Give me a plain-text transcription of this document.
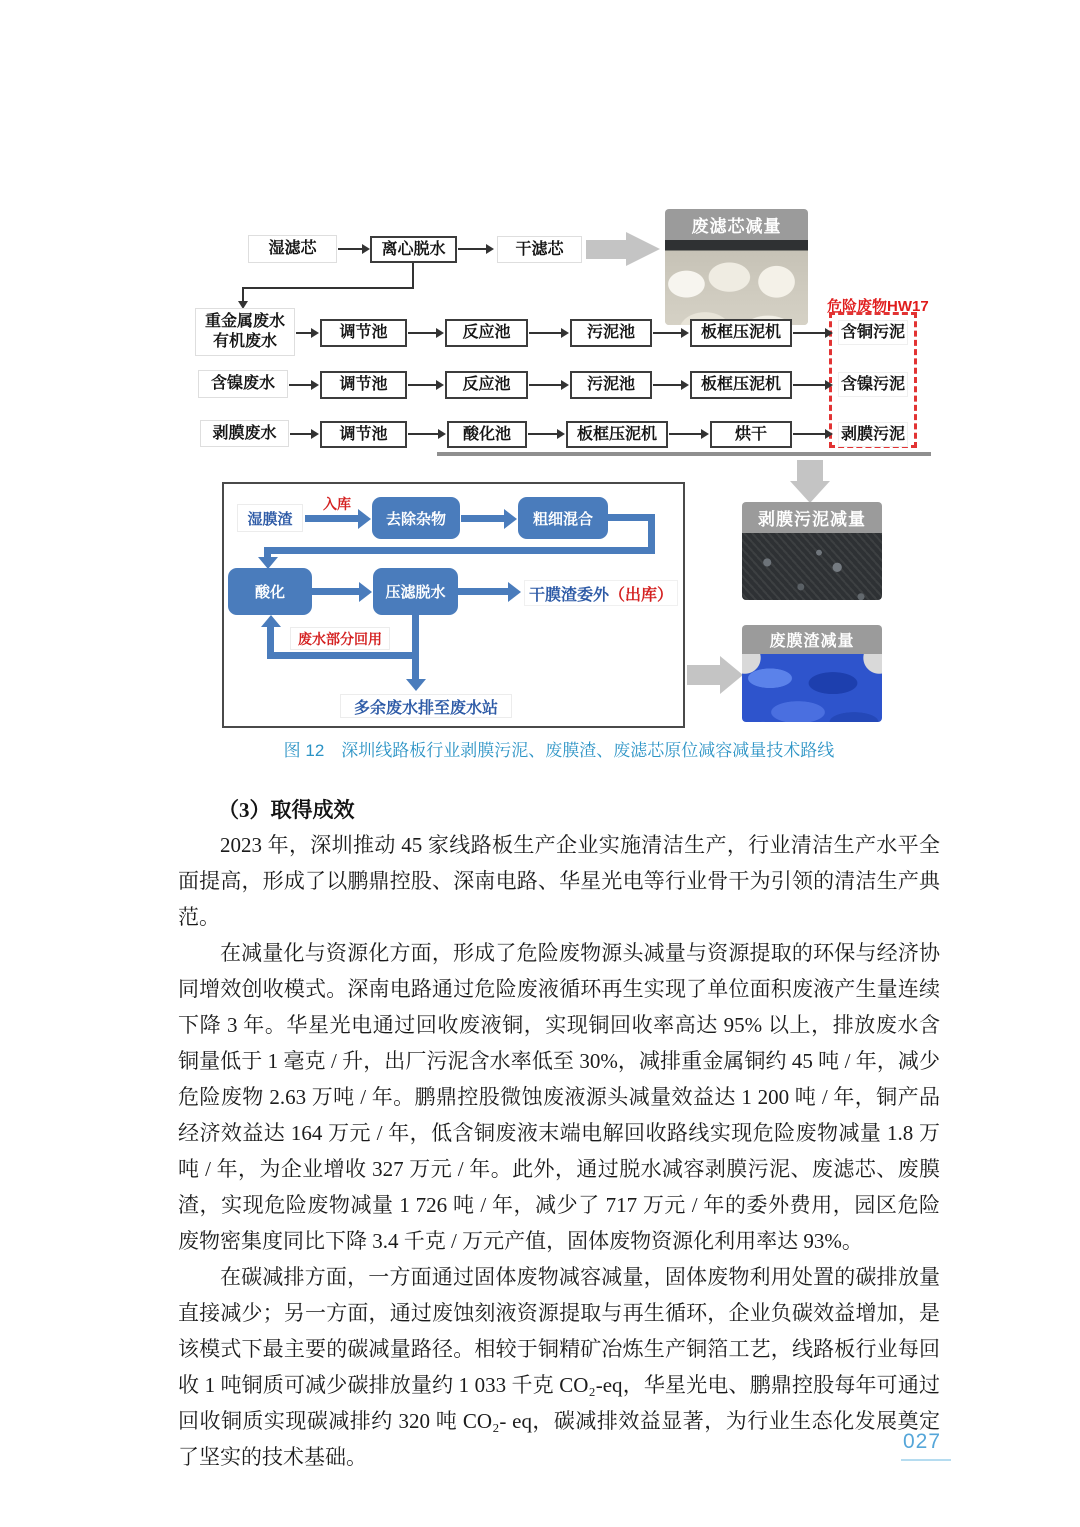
湿滤芯	离心脱水	干滤芯
废滤芯减量
危险废物HW17
重金属废水
有机废水
调节池	反应池	污泥池	板框压泥机	含铜污泥
含镍废水	调节池	反应池	污泥池	板框压泥机	含镍污泥
剥膜废水	调节池	酸化池	板框压泥机	烘干	剥膜污泥
湿膜渣
入库
去除杂物	粗细混合
酸化	压滤脱水	干膜渣委外 （出库）
废水部分回用
多余废水排至废水站
剥膜污泥减量
废膜渣减量
图 12　深圳线路板行业剥膜污泥、废膜渣、废滤芯原位减容减量技术路线
（3）取得成效

2023 年，深圳推动 45 家线路板生产企业实施清洁生产，行业清洁生产水平全面提高，形成了以鹏鼎控股、深南电路、华星光电等行业骨干为引领的清洁生产典范。

在减量化与资源化方面，形成了危险废物源头减量与资源提取的环保与经济协同增效创收模式。深南电路通过危险废液循环再生实现了单位面积废液产生量连续下降 3 年。华星光电通过回收废液铜，实现铜回收率高达 95% 以上，排放废水含铜量低于 1 毫克 / 升，出厂污泥含水率低至 30%，减排重金属铜约 45 吨 / 年，减少危险废物 2.63 万吨 / 年。鹏鼎控股微蚀废液源头减量效益达 1 200 吨 / 年，铜产品经济效益达 164 万元 / 年，低含铜废液末端电解回收路线实现危险废物减量 1.8 万吨 / 年，为企业增收 327 万元 / 年。此外，通过脱水减容剥膜污泥、废滤芯、废膜渣，实现危险废物减量 1 726 吨 / 年，减少了 717 万元 / 年的委外费用，园区危险废物密集度同比下降 3.4 千克 / 万元产值，固体废物资源化利用率达 93%。

在碳减排方面，一方面通过固体废物减容减量，固体废物利用处置的碳排放量直接减少；另一方面，通过废蚀刻液资源提取与再生循环，企业负碳效益增加，是该模式下最主要的碳减量路径。相较于铜精矿冶炼生产铜箔工艺，线路板行业每回收 1 吨铜质可减少碳排放量约 1 033 千克 CO₂-eq，华星光电、鹏鼎控股每年可通过回收铜质实现碳减排约 320 吨 CO₂- eq，碳减排效益显著，为行业生态化发展奠定了坚实的技术基础。

027
